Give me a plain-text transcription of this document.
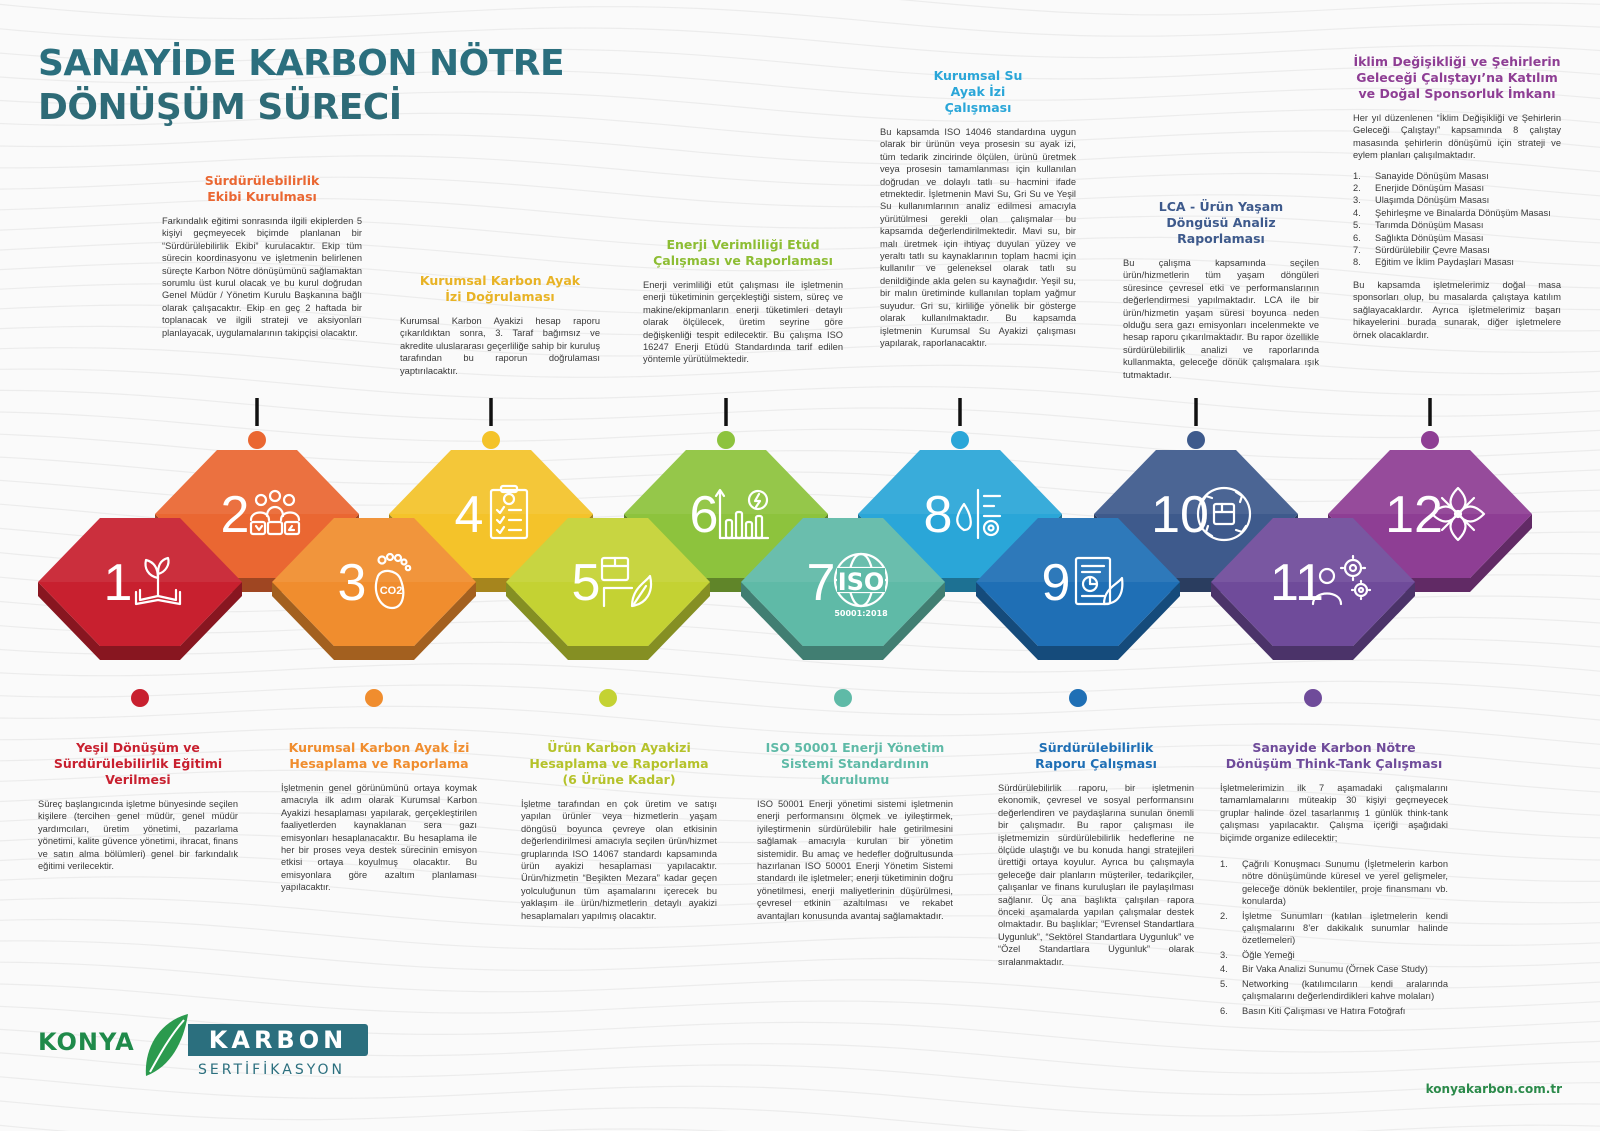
SANAYİDE KARBON NÖTRE
DÖNÜŞÜM SÜRECİ
2	4	6	8	10	12
1	3 CO2	5	7 ISO
50001:2018
9	11
Sürdürülebilirlik Ekibi Kurulması

Farkındalık eğitimi sonrasında ilgili ekiplerden 5 kişiyi geçmeyecek biçimde planlanan bir “Sürdürülebilirlik Ekibi” kurulacaktır. Ekip tüm sürecin koordinasyonu ve işletmenin belirlenen süreçte Karbon Nötre dönüşümünü sağlamaktan sorumlu üst kurul olacak ve bu kurul doğrudan Genel Müdür / Yönetim Kurulu Başkanına bağlı olarak çalışacaktır. Ekip en geç 2 haftada bir toplanacak ve ilgili strateji ve aksiyonları planlayacak, uygulamalarının takipçisi olacaktır.

Kurumsal Karbon Ayak İzi Doğrulaması

Kurumsal Karbon Ayakizi hesap raporu çıkarıldıktan sonra, 3. Taraf bağımsız ve akredite uluslararası geçerliliğe sahip bir kuruluş tarafından bu raporun doğrulaması yaptırılacaktır.

Enerji Verimliliği Etüd Çalışması ve Raporlaması

Enerji verimliliği etüt çalışması ile işletmenin enerji tüketiminin gerçekleştiği sistem, süreç ve makine/ekipmanların enerji tüketimleri detaylı olarak ölçülecek, üretim seyrine göre değişkenliği tespit edilecektir. Bu çalışma ISO 16247 Enerji Etüdü Standardında tarif edilen yöntemle yürütülmektedir.

Kurumsal Su Ayak İzi Çalışması

Bu kapsamda ISO 14046 standardına uygun olarak bir ürünün veya prosesin su ayak izi, tüm tedarik zincirinde ölçülen, ürünü üretmek veya prosesin tamamlanması için kullanılan doğrudan ve dolaylı tatlı su hacmini ifade etmektedir. İşletmenin Mavi Su, Gri Su ve Yeşil Su kullanımlarının analiz edilmesi amacıyla yürütülmesi gerekli olan çalışmalar bu kapsamda değerlendirilmektedir. Mavi su, bir malı üretmek için ihtiyaç duyulan yüzey ve yeraltı tatlı su kaynaklarının toplam hacmi için kullanılır ve geleneksel olarak tatlı su denildiğinde akla gelen su kaynağıdır. Yeşil su, bir malın üretiminde kullanılan toplam yağmur suyudur. Gri su, kirliliğe yönelik bir gösterge olarak kullanılmaktadır. Bu kapsamda işletmenin Kurumsal Su Ayakizi çalışması yapılarak, raporlanacaktır.

LCA - Ürün Yaşam Döngüsü Analiz Raporlaması

Bu çalışma kapsamında seçilen ürün/hizmetlerin tüm yaşam döngüleri süresince çevresel etki ve performanslarının değerlendirmesi yapılmaktadır. LCA ile bir ürün/hizmetin yaşam süresi boyunca neden olduğu sera gazı emisyonları incelenmekte ve hesap raporu çıkarılmaktadır. Bu rapor özellikle sürdürülebilirlik analizi ve raporlarında kullanmakta, geleceğe dönük çalışmalara ışık tutmaktadır.

İklim Değişikliği ve Şehirlerin Geleceği Çalıştayı’na Katılım ve Doğal Sponsorluk İmkanı

Her yıl düzenlenen “İklim Değişikliği ve Şehirlerin Geleceği Çalıştayı” kapsamında 8 çalıştay masasında şehirlerin dönüşümü için strateji ve eylem planları çalışılmaktadır.

1.	Sanayide Dönüşüm Masası
2.	Enerjide Dönüşüm Masası
3.	Ulaşımda Dönüşüm Masası
4.	Şehirleşme ve Binalarda Dönüşüm Masası
5.	Tarımda Dönüşüm Masası
6.	Sağlıkta Dönüşüm Masası
7.	Sürdürülebilir Çevre Masası
8.	Eğitim ve İklim Paydaşları Masası

Bu kapsamda işletmelerimiz doğal masa sponsorları olup, bu masalarda çalıştaya katılım sağlayacaklardır. Ayrıca işletmelerimiz başarı hikayelerini burada sunarak, diğer işletmelere örnek olacaklardır.

Yeşil Dönüşüm ve Sürdürülebilirlik Eğitimi Verilmesi

Süreç başlangıcında işletme bünyesinde seçilen kişilere (tercihen genel müdür, genel müdür yardımcıları, üretim yönetimi, pazarlama yönetimi, kalite güvence yönetimi, ihracat, finans ve satın alma bölümleri) genel bir farkındalık eğitimi verilecektir.

Kurumsal Karbon Ayak İzi Hesaplama ve Raporlama

İşletmenin genel görünümünü ortaya koymak amacıyla ilk adım olarak Kurumsal Karbon Ayakizi hesaplaması yapılarak, gerçekleştirilen faaliyetlerden kaynaklanan sera gazı emisyonları hesaplanacaktır. Bu hesaplama ile her bir proses veya destek sürecinin emisyon etkisi ortaya koyulmuş olacaktır. Bu emisyonlara göre azaltım planlaması yapılacaktır.

Ürün Karbon Ayakizi Hesaplama ve Raporlama (6 Ürüne Kadar)

İşletme tarafından en çok üretim ve satışı yapılan ürünler veya hizmetlerin yaşam döngüsü boyunca çevreye olan etkisinin değerlendirilmesi amacıyla seçilen ürün/hizmet gruplarında ISO 14067 standardı kapsamında ürün ayakizi hesaplaması yapılacaktır. Ürün/hizmetin “Beşikten Mezara” kadar geçen yolculuğunun tüm aşamalarını içerecek bu yaklaşım ile ürün/hizmetlerin detaylı ayakizi hesaplamaları yapılmış olacaktır.

ISO 50001 Enerji Yönetim Sistemi Standardının Kurulumu

ISO 50001 Enerji yönetimi sistemi işletmenin enerji performansını ölçmek ve iyileştirmek, iyileştirmenin sürdürülebilir hale getirilmesini sağlamak amacıyla kurulan bir yönetim sistemidir. Bu amaç ve hedefler doğrultusunda hazırlanan ISO 50001 Enerji Yönetim Sistemi standardı ile işletmeler; enerji tüketiminin doğru yönetilmesi, enerji maliyetlerinin düşürülmesi, çevresel etkinin azaltılması ve rekabet avantajları konusunda avantaj sağlamaktadır.

Sürdürülebilirlik Raporu Çalışması

Sürdürülebilirlik raporu, bir işletmenin ekonomik, çevresel ve sosyal performansını değerlendiren ve paydaşlarına sunulan önemli bir çalışmadır. Bu rapor çalışması ile işletmemizin sürdürülebilirlik hedeflerine ne ölçüde ulaştığı ve bu konuda hangi stratejileri ürettiği ortaya koyulur. Ayrıca bu çalışmayla geleceğe dair planların müşteriler, tedarikçiler, çalışanlar ve finans kuruluşları ile paylaşılması sağlanır. Üç ana başlıkta çalışılan rapora önceki aşamalarda yapılan çalışmalar destek olmaktadır. Bu başlıklar; “Evrensel Standartlara Uygunluk”, “Sektörel Standartlara Uygunluk” ve “Özel Standartlara Uygunluk” olarak sıralanmaktadır.

Sanayide Karbon Nötre Dönüşüm Think-Tank Çalışması

İşletmelerimizin ilk 7 aşamadaki çalışmalarını tamamlamalarını müteakip 30 kişiyi geçmeyecek gruplar halinde özel tasarlanmış 1 günlük think-tank çalışması yapılacaktır. Çalışma içeriği aşağıdaki biçimde organize edilecektir;

1.	Çağrılı Konuşmacı Sunumu (İşletmelerin karbon nötre dönüşümünde küresel ve yerel gelişmeler, geleceğe dönük beklentiler, proje finansmanı vb. konularda)
2.	İşletme Sunumları (katılan işletmelerin kendi çalışmalarını 8’er dakikalık sunumlar halinde özetlemeleri)
3.	Öğle Yemeği
4.	Bir Vaka Analizi Sunumu (Örnek Case Study)
5.	Networking (katılımcıların kendi aralarında çalışmalarını değerlendirdikleri kahve molaları)
6.	Basın Kiti Çalışması ve Hatıra Fotoğrafı
KONYA	KARBON
SERTİFİKASYON
konyakarbon.com.tr
